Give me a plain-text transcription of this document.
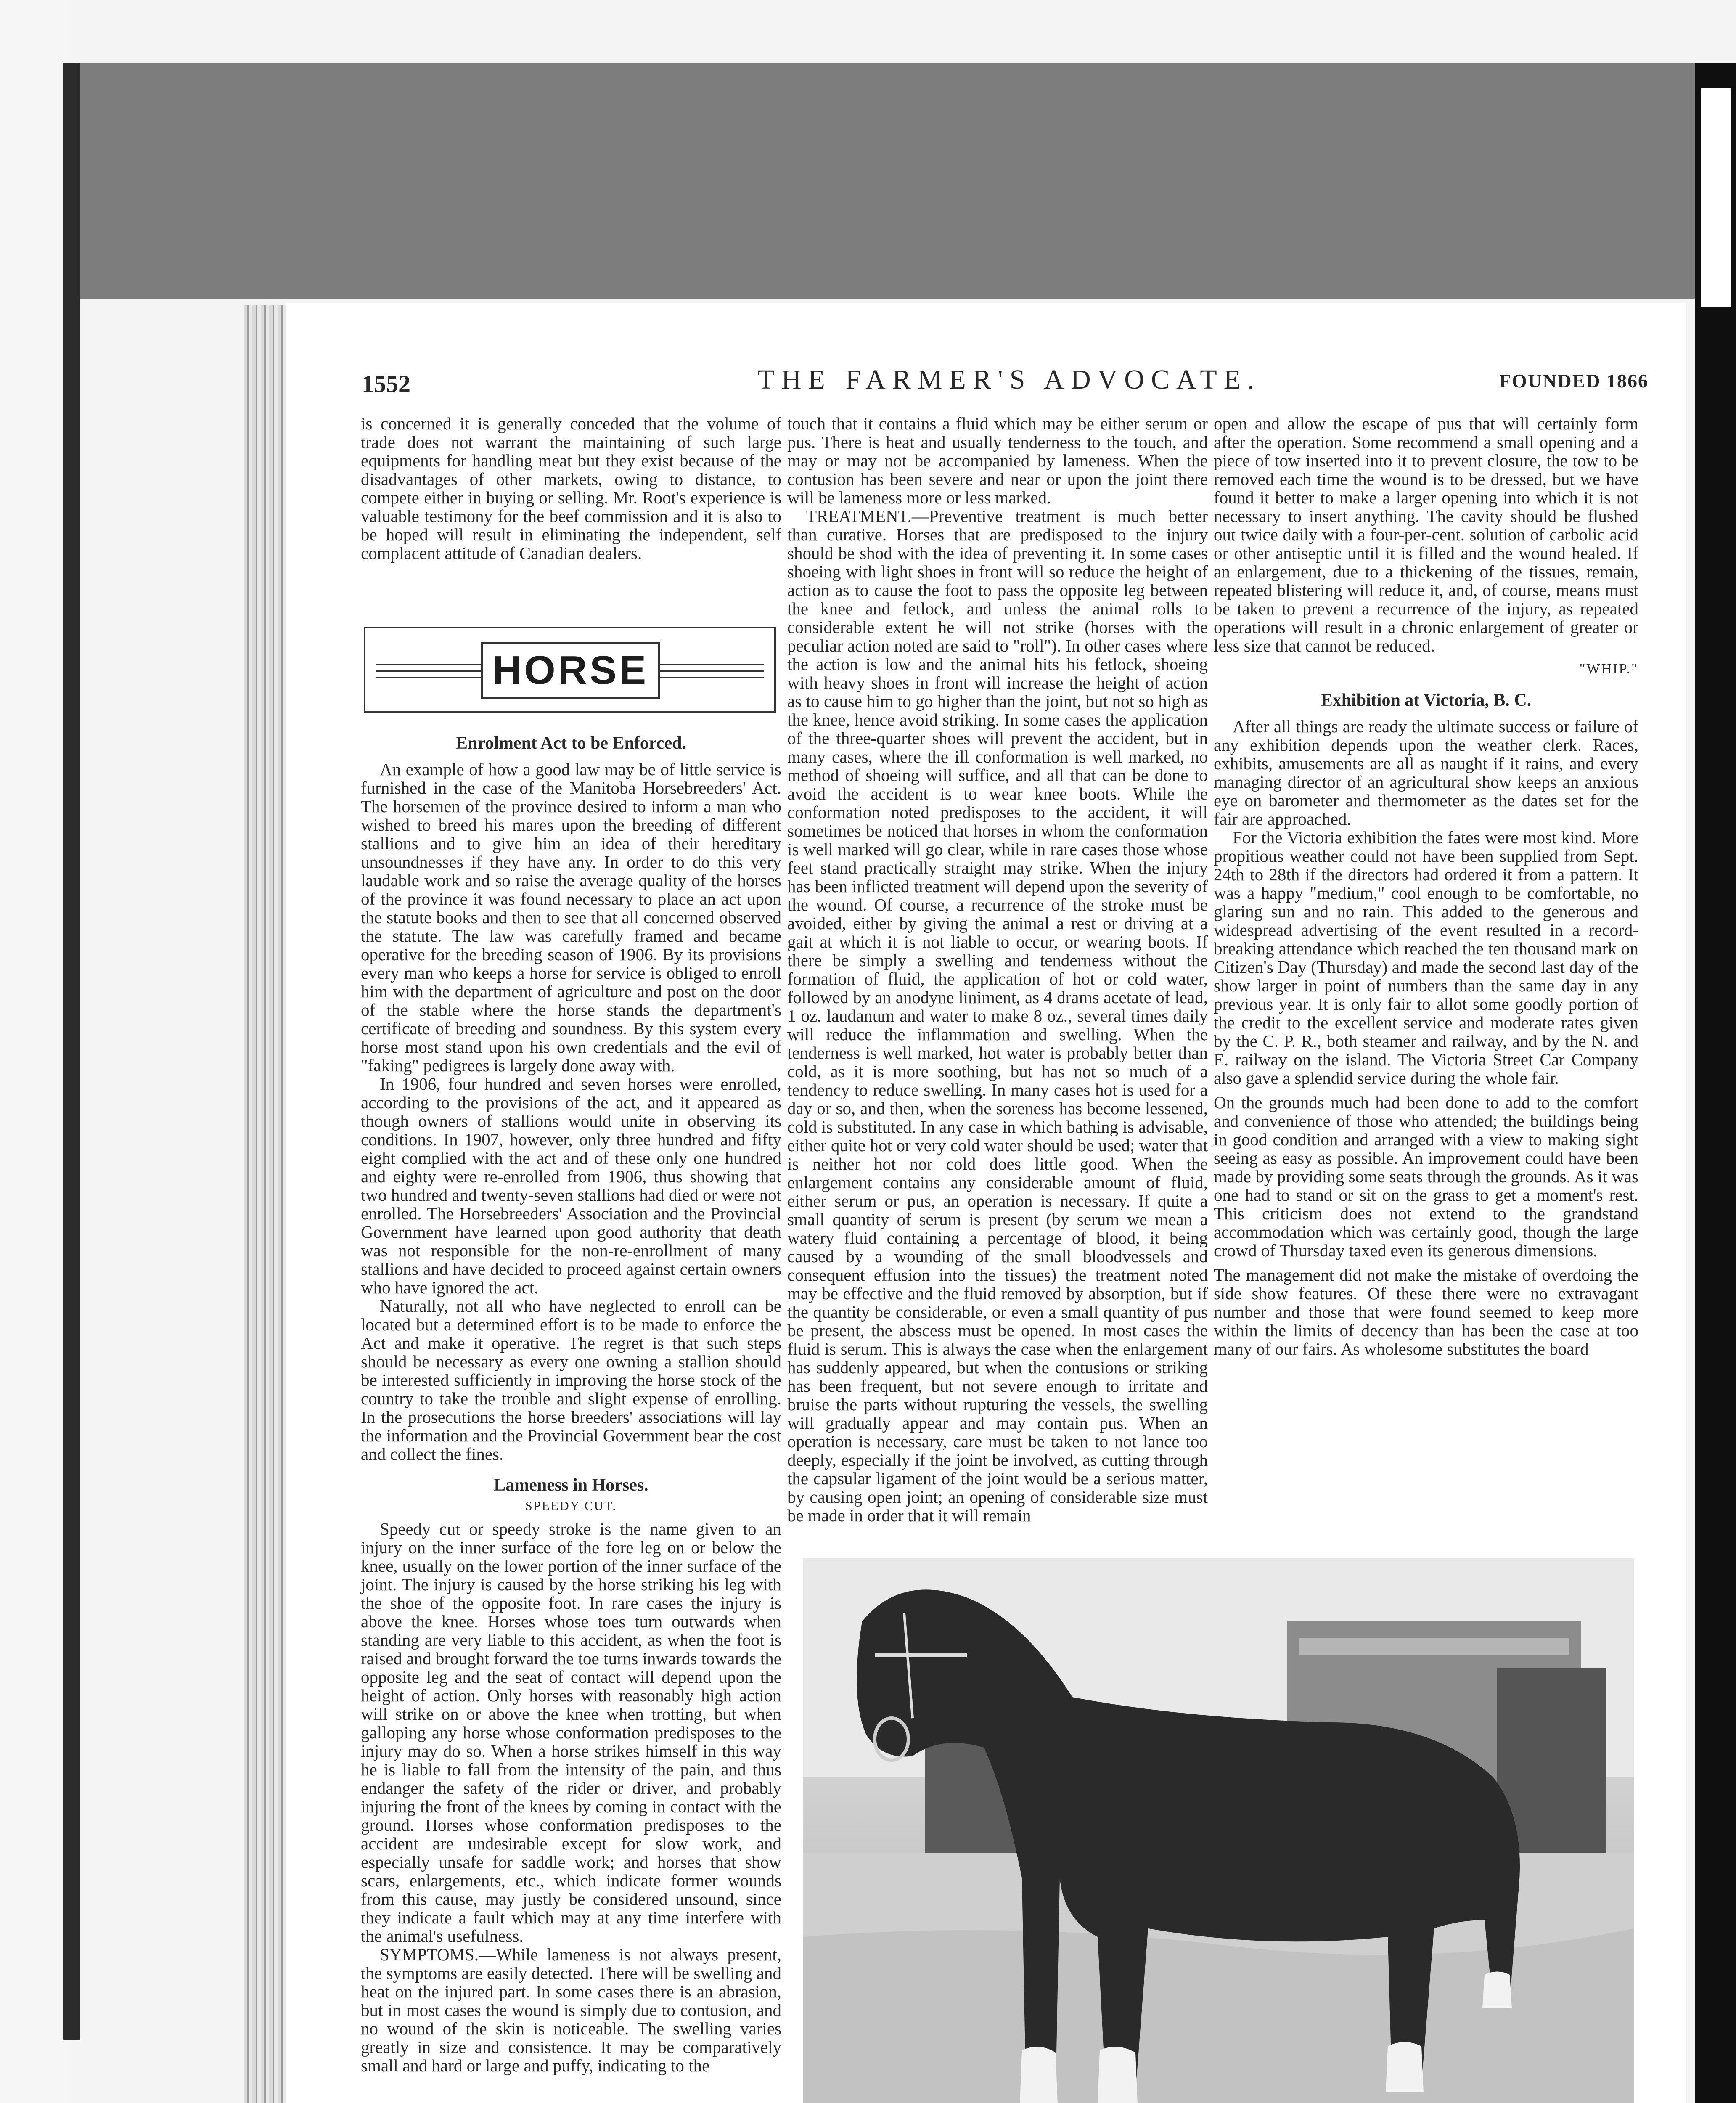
1552	THE FARMER'S ADVOCATE.	FOUNDED 1866

is concerned it is generally conceded that the volume of trade does not warrant the maintaining of such large equipments for handling meat but they exist because of the disadvantages of other markets, owing to distance, to compete either in buying or selling. Mr. Root's experience is valuable testimony for the beef commission and it is also to be hoped will result in eliminating the independent, self complacent attitude of Canadian dealers.

HORSE
Enrolment Act to be Enforced.

An example of how a good law may be of little service is furnished in the case of the Manitoba Horsebreeders' Act. The horsemen of the province desired to inform a man who wished to breed his mares upon the breeding of different stallions and to give him an idea of their hereditary unsoundnesses if they have any. In order to do this very laudable work and so raise the average quality of the horses of the province it was found necessary to place an act upon the statute books and then to see that all concerned observed the statute. The law was carefully framed and became operative for the breeding season of 1906. By its provisions every man who keeps a horse for service is obliged to enroll him with the department of agriculture and post on the door of the stable where the horse stands the department's certificate of breeding and soundness. By this system every horse most stand upon his own credentials and the evil of "faking" pedigrees is largely done away with.

In 1906, four hundred and seven horses were enrolled, according to the provisions of the act, and it appeared as though owners of stallions would unite in observing its conditions. In 1907, however, only three hundred and fifty eight complied with the act and of these only one hundred and eighty were re-enrolled from 1906, thus showing that two hundred and twenty-seven stallions had died or were not enrolled. The Horsebreeders' Association and the Provincial Government have learned upon good authority that death was not responsible for the non-re-enrollment of many stallions and have decided to proceed against certain owners who have ignored the act.

Naturally, not all who have neglected to enroll can be located but a determined effort is to be made to enforce the Act and make it operative. The regret is that such steps should be necessary as every one owning a stallion should be interested sufficiently in improving the horse stock of the country to take the trouble and slight expense of enrolling. In the prosecutions the horse breeders' associations will lay the information and the Provincial Government bear the cost and collect the fines.

Lameness in Horses.
SPEEDY CUT.

Speedy cut or speedy stroke is the name given to an injury on the inner surface of the fore leg on or below the knee, usually on the lower portion of the inner surface of the joint. The injury is caused by the horse striking his leg with the shoe of the opposite foot. In rare cases the injury is above the knee. Horses whose toes turn outwards when standing are very liable to this accident, as when the foot is raised and brought forward the toe turns inwards towards the opposite leg and the seat of contact will depend upon the height of action. Only horses with reasonably high action will strike on or above the knee when trotting, but when galloping any horse whose conformation predisposes to the injury may do so. When a horse strikes himself in this way he is liable to fall from the intensity of the pain, and thus endanger the safety of the rider or driver, and probably injuring the front of the knees by coming in contact with the ground. Horses whose conformation predisposes to the accident are undesirable except for slow work, and especially unsafe for saddle work; and horses that show scars, enlargements, etc., which indicate former wounds from this cause, may justly be considered unsound, since they indicate a fault which may at any time interfere with the animal's usefulness.

SYMPTOMS.—While lameness is not always present, the symptoms are easily detected. There will be swelling and heat on the injured part. In some cases there is an abrasion, but in most cases the wound is simply due to contusion, and no wound of the skin is noticeable. The swelling varies greatly in size and consistence. It may be comparatively small and hard or large and puffy, indicating to the

touch that it contains a fluid which may be either serum or pus. There is heat and usually tenderness to the touch, and may or may not be accompanied by lameness. When the contusion has been severe and near or upon the joint there will be lameness more or less marked.

TREATMENT.—Preventive treatment is much better than curative. Horses that are predisposed to the injury should be shod with the idea of preventing it. In some cases shoeing with light shoes in front will so reduce the height of action as to cause the foot to pass the opposite leg between the knee and fetlock, and unless the animal rolls to considerable extent he will not strike (horses with the peculiar action noted are said to "roll"). In other cases where the action is low and the animal hits his fetlock, shoeing with heavy shoes in front will increase the height of action as to cause him to go higher than the joint, but not so high as the knee, hence avoid striking. In some cases the application of the three-quarter shoes will prevent the accident, but in many cases, where the ill conformation is well marked, no method of shoeing will suffice, and all that can be done to avoid the accident is to wear knee boots. While the conformation noted predisposes to the accident, it will sometimes be noticed that horses in whom the conformation is well marked will go clear, while in rare cases those whose feet stand practically straight may strike. When the injury has been inflicted treatment will depend upon the severity of the wound. Of course, a recurrence of the stroke must be avoided, either by giving the animal a rest or driving at a gait at which it is not liable to occur, or wearing boots. If there be simply a swelling and tenderness without the formation of fluid, the application of hot or cold water, followed by an anodyne liniment, as 4 drams acetate of lead, 1 oz. laudanum and water to make 8 oz., several times daily will reduce the inflammation and swelling. When the tenderness is well marked, hot water is probably better than cold, as it is more soothing, but has not so much of a tendency to reduce swelling. In many cases hot is used for a day or so, and then, when the soreness has become lessened, cold is substituted. In any case in which bathing is advisable, either quite hot or very cold water should be used; water that is neither hot nor cold does little good. When the enlargement contains any considerable amount of fluid, either serum or pus, an operation is necessary. If quite a small quantity of serum is present (by serum we mean a watery fluid containing a percentage of blood, it being caused by a wounding of the small bloodvessels and consequent effusion into the tissues) the treatment noted may be effective and the fluid removed by absorption, but if the quantity be considerable, or even a small quantity of pus be present, the abscess must be opened. In most cases the fluid is serum. This is always the case when the enlargement has suddenly appeared, but when the contusions or striking has been frequent, but not severe enough to irritate and bruise the parts without rupturing the vessels, the swelling will gradually appear and may contain pus. When an operation is necessary, care must be taken to not lance too deeply, especially if the joint be involved, as cutting through the capsular ligament of the joint would be a serious matter, by causing open joint; an opening of considerable size must be made in order that it will remain

open and allow the escape of pus that will certainly form after the operation. Some recommend a small opening and a piece of tow inserted into it to prevent closure, the tow to be removed each time the wound is to be dressed, but we have found it better to make a larger opening into which it is not necessary to insert anything. The cavity should be flushed out twice daily with a four-per-cent. solution of carbolic acid or other antiseptic until it is filled and the wound healed. If an enlargement, due to a thickening of the tissues, remain, repeated blistering will reduce it, and, of course, means must be taken to prevent a recurrence of the injury, as repeated operations will result in a chronic enlargement of greater or less size that cannot be reduced.

"WHIP."
Exhibition at Victoria, B. C.

After all things are ready the ultimate success or failure of any exhibition depends upon the weather clerk. Races, exhibits, amusements are all as naught if it rains, and every managing director of an agricultural show keeps an anxious eye on barometer and thermometer as the dates set for the fair are approached.

For the Victoria exhibition the fates were most kind. More propitious weather could not have been supplied from Sept. 24th to 28th if the directors had ordered it from a pattern. It was a happy "medium," cool enough to be comfortable, no glaring sun and no rain. This added to the generous and widespread advertising of the event resulted in a record-breaking attendance which reached the ten thousand mark on Citizen's Day (Thursday) and made the second last day of the show larger in point of numbers than the same day in any previous year. It is only fair to allot some goodly portion of the credit to the excellent service and moderate rates given by the C. P. R., both steamer and railway, and by the N. and E. railway on the island. The Victoria Street Car Company also gave a splendid service during the whole fair.

On the grounds much had been done to add to the comfort and convenience of those who attended; the buildings being in good condition and arranged with a view to making sight seeing as easy as possible. An improvement could have been made by providing some seats through the grounds. As it was one had to stand or sit on the grass to get a moment's rest. This criticism does not extend to the grandstand accommodation which was certainly good, though the large crowd of Thursday taxed even its generous dimensions.

The management did not make the mistake of overdoing the side show features. Of these there were no extravagant number and those that were found seemed to keep more within the limits of decency than has been the case at too many of our fairs. As wholesome substitutes the board
